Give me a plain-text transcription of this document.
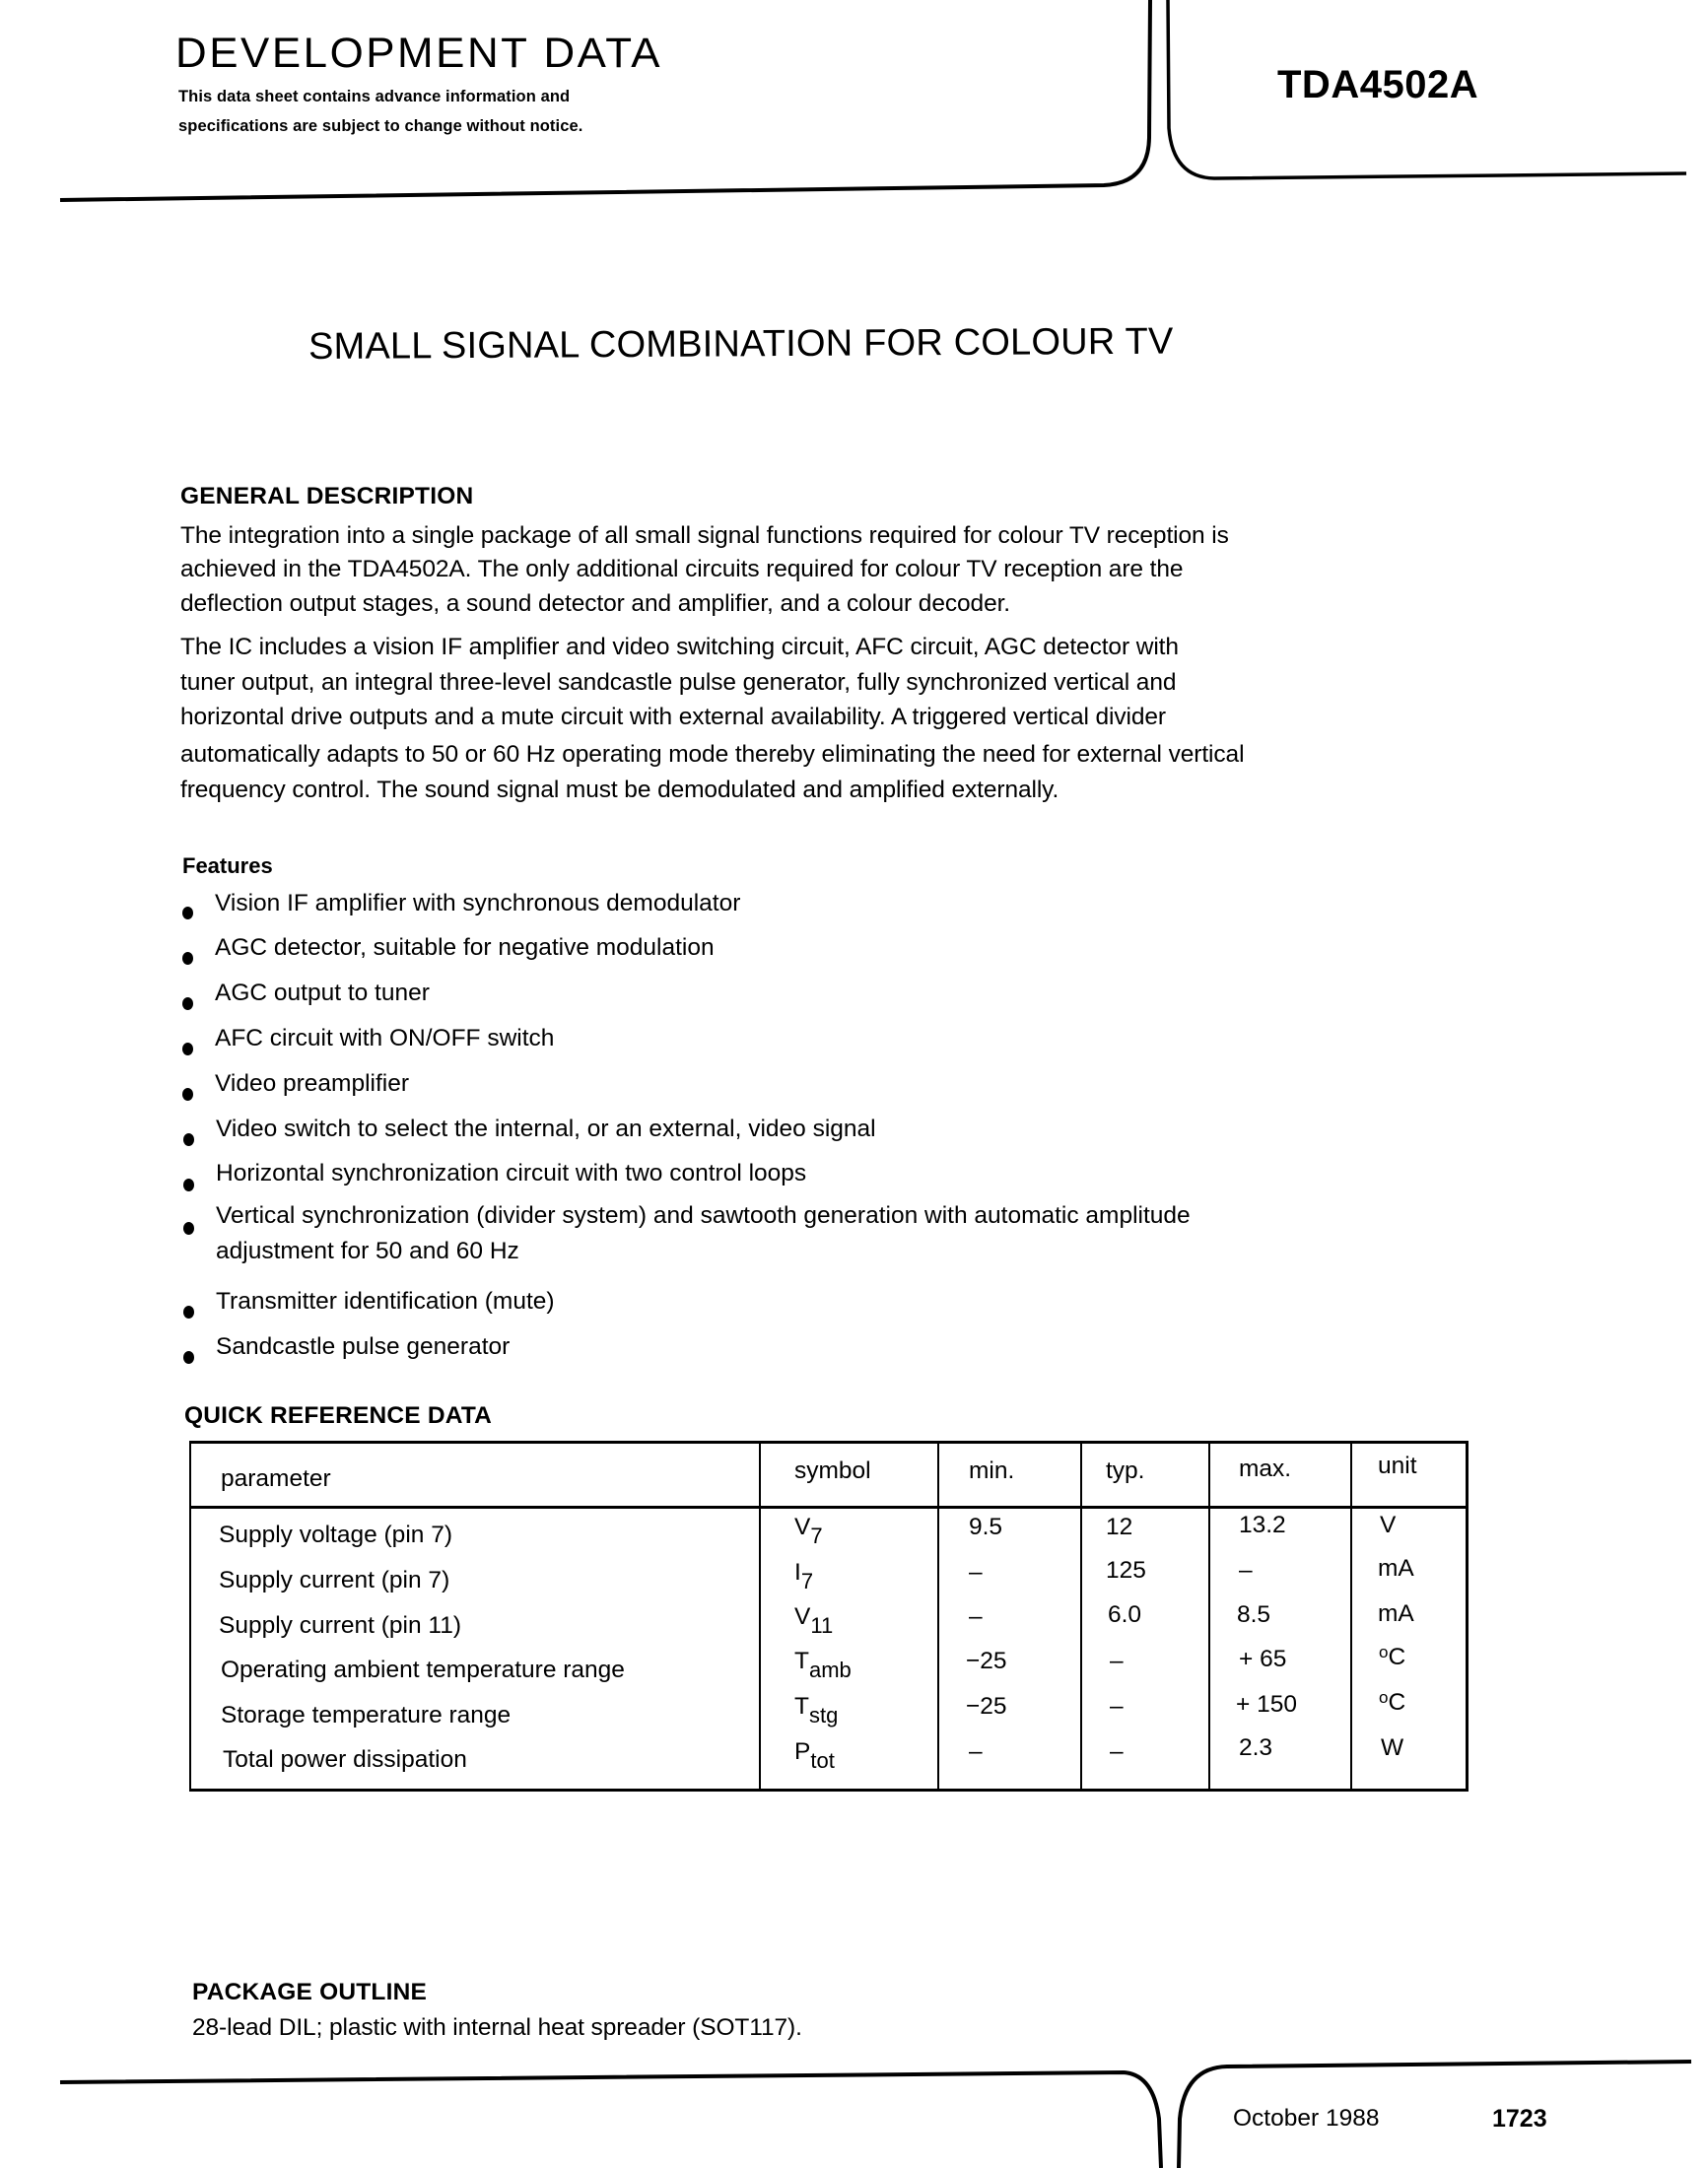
DEVELOPMENT DATA
This data sheet contains advance information and
specifications are subject to change without notice.
TDA4502A
SMALL SIGNAL COMBINATION FOR COLOUR TV
GENERAL DESCRIPTION
The integration into a single package of all small signal functions required for colour TV reception is
achieved in the TDA4502A. The only additional circuits required for colour TV reception are the
deflection output stages, a sound detector and amplifier, and a colour decoder.
The IC includes a vision IF amplifier and video switching circuit, AFC circuit, AGC detector with
tuner output, an integral three-level sandcastle pulse generator, fully synchronized vertical and
horizontal drive outputs and a mute circuit with external availability. A triggered vertical divider
automatically adapts to 50 or 60 Hz operating mode thereby eliminating the need for external vertical
frequency control. The sound signal must be demodulated and amplified externally.
Features
Vision IF amplifier with synchronous demodulator
AGC detector, suitable for negative modulation
AGC output to tuner
AFC circuit with ON/OFF switch
Video preamplifier
Video switch to select the internal, or an external, video signal
Horizontal synchronization circuit with two control loops
Vertical synchronization (divider system) and sawtooth generation with automatic amplitude
adjustment for 50 and 60 Hz
Transmitter identification (mute)
Sandcastle pulse generator
QUICK REFERENCE DATA
parameter	symbol	min.	typ.	max.	unit
Supply voltage (pin 7)	$V_7$	9.5	12	13.2	V
Supply current (pin 7)	$I_7$	–	125	–	mA
Supply current (pin 11)	$V_{11}$	–	6.0	8.5	mA
Operating ambient temperature range	$T_{amb}$	−25	–	+ 65	$^o$C
Storage temperature range	$T_{stg}$	−25	–	+ 150	$^o$C
Total power dissipation	$P_{tot}$	–	–	2.3	W
PACKAGE OUTLINE
28-lead DIL; plastic with internal heat spreader (SOT117).
October 1988	1723
